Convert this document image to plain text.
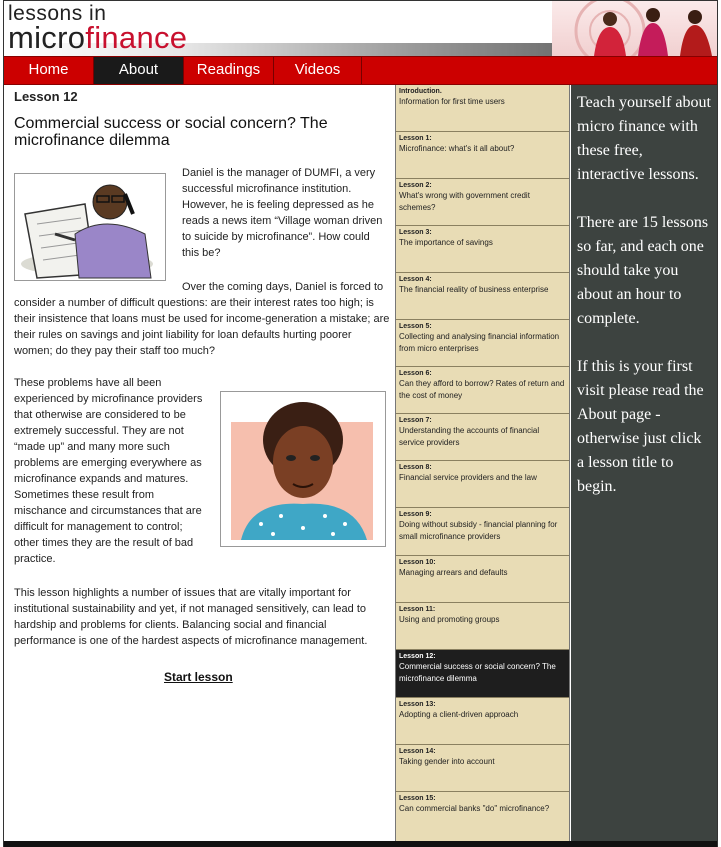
lessons in
microfinance
Home	About	Readings	Videos
Lesson 12
Commercial success or social concern? The microfinance dilemma
Daniel is the manager of DUMFI, a very successful microfinance institution. However, he is feeling depressed as he reads a news item “Village woman driven to suicide by microfinance”. How could this be?
Over the coming days, Daniel is forced to consider a number of difficult questions: are their interest rates too high; is their insistence that loans must be used for income-generation a mistake; are their rules on savings and joint liability for loan defaults hurting poorer women; do they pay their staff too much?
These problems have all been experienced by microfinance providers that otherwise are considered to be extremely successful. They are not “made up” and many more such problems are emerging everywhere as microfinance expands and matures. Sometimes these result from mischance and circumstances that are difficult for management to control; other times they are the result of bad practice.
This lesson highlights a number of issues that are vitally important for institutional sustainability and yet, if not managed sensitively, can lead to hardship and problems for clients. Balancing social and financial performance is one of the hardest aspects of microfinance management.
Start lesson
Introduction.
Information for first time users
Lesson 1:
Microfinance: what's it all about?
Lesson 2:
What's wrong with government credit schemes?
Lesson 3:
The importance of savings
Lesson 4:
The financial reality of business enterprise
Lesson 5:
Collecting and analysing financial information from micro enterprises
Lesson 6:
Can they afford to borrow? Rates of return and the cost of money
Lesson 7:
Understanding the accounts of financial service providers
Lesson 8:
Financial service providers and the law
Lesson 9:
Doing without subsidy - financial planning for small microfinance providers
Lesson 10:
Managing arrears and defaults
Lesson 11:
Using and promoting groups
Lesson 12:
Commercial success or social concern? The microfinance dilemma
Lesson 13:
Adopting a client-driven approach
Lesson 14:
Taking gender into account
Lesson 15:
Can commercial banks "do" microfinance?

Teach yourself about micro finance with these free, interactive lessons.

There are 15 lessons so far, and each one should take you about an hour to complete.

If this is your first visit please read the About page - otherwise just click a lesson title to begin.
